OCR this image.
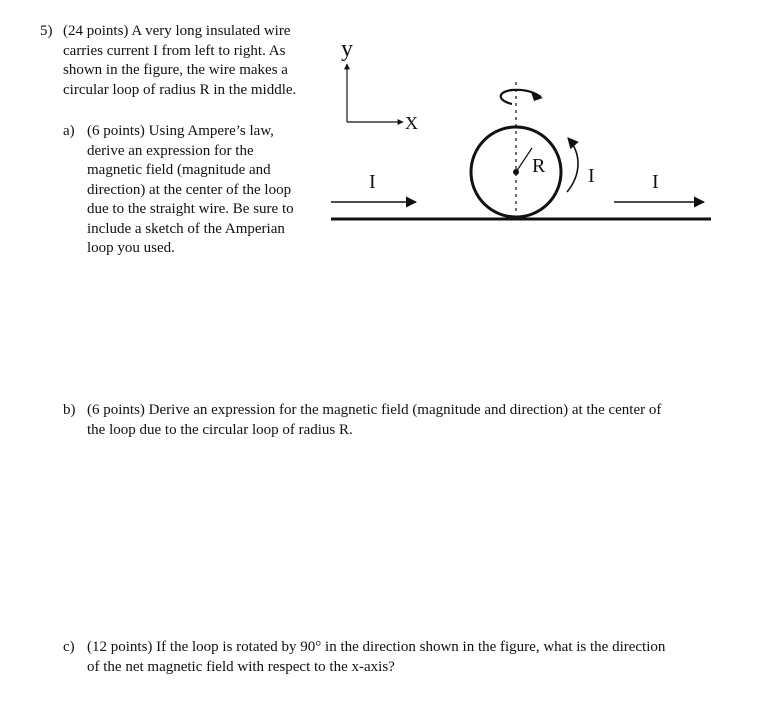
5) (24 points) A very long insulated wire
carries current I from left to right. As
shown in the figure, the wire makes a
circular loop of radius R in the middle.
a) (6 points) Using Ampere’s law,
derive an expression for the
magnetic field (magnitude and
direction) at the center of the loop
due to the straight wire. Be sure to
include a sketch of the Amperian
loop you used.
b) (6 points) Derive an expression for the magnetic field (magnitude and direction) at the center of
the loop due to the circular loop of radius R.
c) (12 points) If the loop is rotated by 90° in the direction shown in the figure, what is the direction
of the net magnetic field with respect to the x-axis?
y
X
I	I
R I
